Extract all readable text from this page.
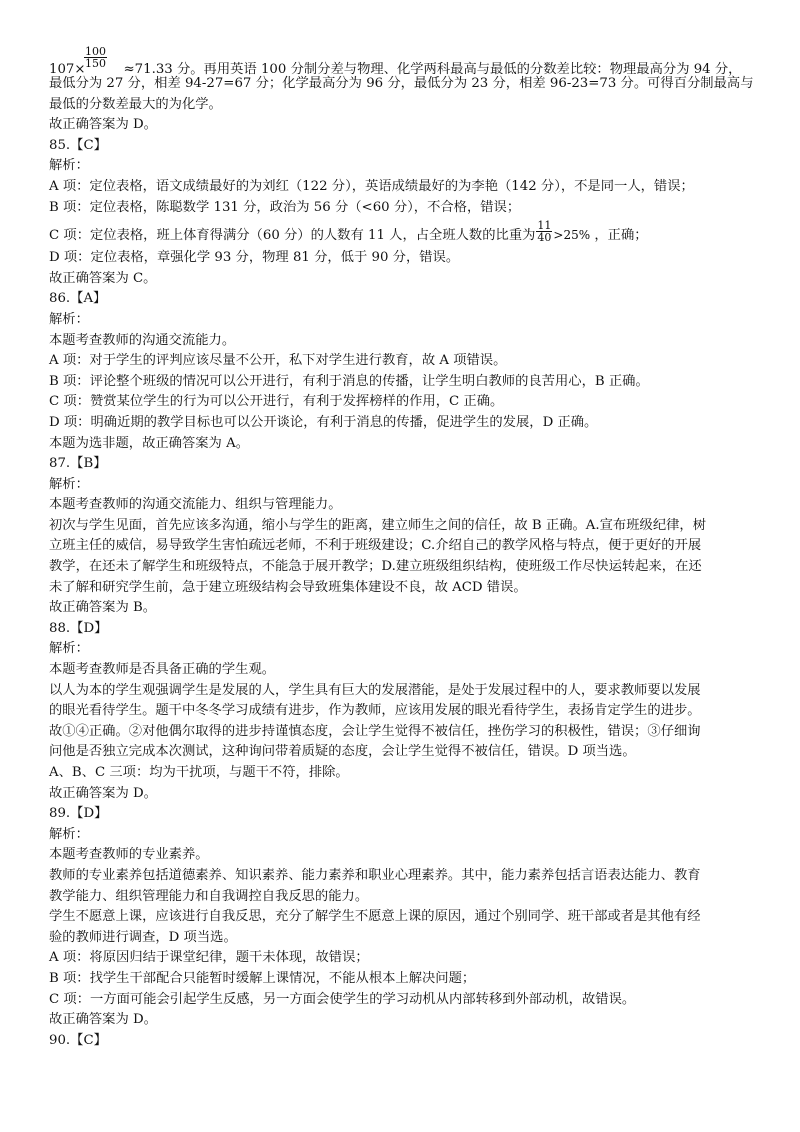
$\frac{100}{150}$
107×	≈71.33 分。再用英语 100 分制分差与物理、化学两科最高与最低的分数差比较：物理最高分为 94 分，
最低分为 27 分，相差 94-27=67 分；化学最高分为 96 分，最低分为 23 分，相差 96-23=73 分。可得百分制最高与
最低的分数差最大的为化学。
故正确答案为 D。
85.【C】
解析：
A 项：定位表格，语文成绩最好的为刘红（122 分），英语成绩最好的为李艳（142 分），不是同一人，错误；
B 项：定位表格，陈聪数学 131 分，政治为 56 分（<60 分），不合格，错误；
C 项：定位表格，班上体育得满分（60 分）的人数有 11 人，占全班人数的比重为 $\frac{11}{40} >25\%$ ，正确；
D 项：定位表格，章强化学 93 分，物理 81 分，低于 90 分，错误。
故正确答案为 C。
86.【A】
解析：
本题考查教师的沟通交流能力。
A 项：对于学生的评判应该尽量不公开，私下对学生进行教育，故 A 项错误。
B 项：评论整个班级的情况可以公开进行，有利于消息的传播，让学生明白教师的良苦用心，B 正确。
C 项：赞赏某位学生的行为可以公开进行，有利于发挥榜样的作用，C 正确。
D 项：明确近期的教学目标也可以公开谈论，有利于消息的传播，促进学生的发展，D 正确。
本题为选非题，故正确答案为 A。
87.【B】
解析：
本题考查教师的沟通交流能力、组织与管理能力。
初次与学生见面，首先应该多沟通，缩小与学生的距离，建立师生之间的信任，故 B 正确。A.宣布班级纪律，树
立班主任的威信，易导致学生害怕疏远老师，不利于班级建设；C.介绍自己的教学风格与特点，便于更好的开展
教学，在还未了解学生和班级特点，不能急于展开教学；D.建立班级组织结构，使班级工作尽快运转起来，在还
未了解和研究学生前，急于建立班级结构会导致班集体建设不良，故 ACD 错误。
故正确答案为 B。
88.【D】
解析：
本题考查教师是否具备正确的学生观。
以人为本的学生观强调学生是发展的人，学生具有巨大的发展潜能，是处于发展过程中的人，要求教师要以发展
的眼光看待学生。题干中冬冬学习成绩有进步，作为教师，应该用发展的眼光看待学生，表扬肯定学生的进步。
故①④正确。②对他偶尔取得的进步持谨慎态度，会让学生觉得不被信任，挫伤学习的积极性，错误；③仔细询
问他是否独立完成本次测试，这种询问带着质疑的态度，会让学生觉得不被信任，错误。D 项当选。
A、B、C 三项：均为干扰项，与题干不符，排除。
故正确答案为 D。
89.【D】
解析：
本题考查教师的专业素养。
教师的专业素养包括道德素养、知识素养、能力素养和职业心理素养。其中，能力素养包括言语表达能力、教育
教学能力、组织管理能力和自我调控自我反思的能力。
学生不愿意上课，应该进行自我反思，充分了解学生不愿意上课的原因，通过个别同学、班干部或者是其他有经
验的教师进行调查，D 项当选。
A 项：将原因归结于课堂纪律，题干未体现，故错误；
B 项：找学生干部配合只能暂时缓解上课情况，不能从根本上解决问题；
C 项：一方面可能会引起学生反感，另一方面会使学生的学习动机从内部转移到外部动机，故错误。
故正确答案为 D。
90.【C】
